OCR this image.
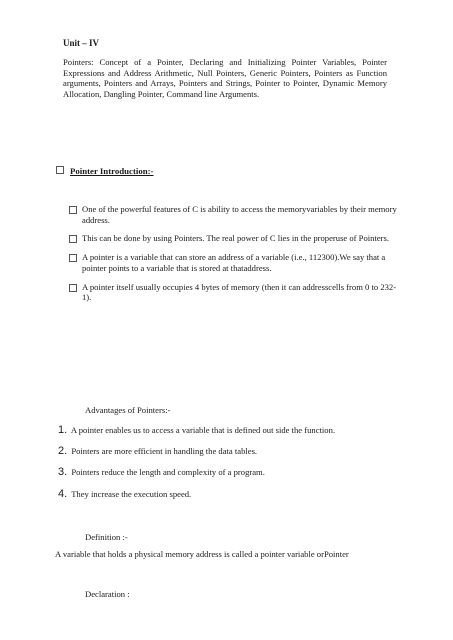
Unit – IV
Pointers: Concept of a Pointer, Declaring and Initializing Pointer Variables, Pointer Expressions and Address Arithmetic, Null Pointers, Generic Pointers, Pointers as Function arguments, Pointers and Arrays, Pointers and Strings, Pointer to Pointer, Dynamic Memory Allocation, Dangling Pointer, Command line Arguments.
Pointer Introduction:-
One of the powerful features of C is ability to access the memoryvariables by their memory address.
This can be done by using Pointers. The real power of C lies in the properuse of Pointers.
A pointer is a variable that can store an address of a variable (i.e., 112300).We say that a pointer points to a variable that is stored at thataddress.
A pointer itself usually occupies 4 bytes of memory (then it can addresscells from 0 to 232-1).
Advantages of Pointers:-
1. A pointer enables us to access a variable that is defined out side the function.
2. Pointers are more efficient in handling the data tables.
3. Pointers reduce the length and complexity of a program.
4. They increase the execution speed.
Definition :-
A variable that holds a physical memory address is called a pointer variable orPointer
Declaration :
